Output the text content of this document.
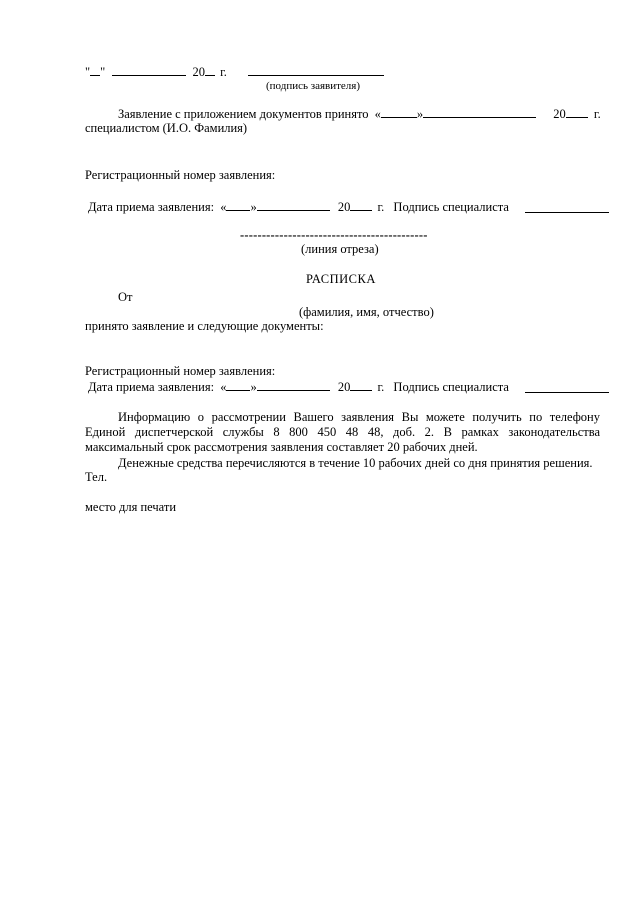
" "	20 г.
(подпись заявителя)
Заявление с приложением документов принято «	»	20 г.
специалистом (И.О. Фамилия)
Регистрационный номер заявления:
Дата приема заявления: « »	20 г. Подпись специалиста
-------------------------------------------
(линия отреза)
РАСПИСКА
От
(фамилия, имя, отчество)
принято заявление и следующие документы:
Регистрационный номер заявления:
Дата приема заявления: « »	20 г. Подпись специалиста
Информацию о рассмотрении Вашего заявления Вы можете получить по телефону Единой диспетчерской службы 8 800 450 48 48, доб. 2. В рамках законодательства максимальный срок рассмотрения заявления составляет 20 рабочих дней.
Денежные средства перечисляются в течение 10 рабочих дней со дня принятия решения.
Тел.
место для печати
